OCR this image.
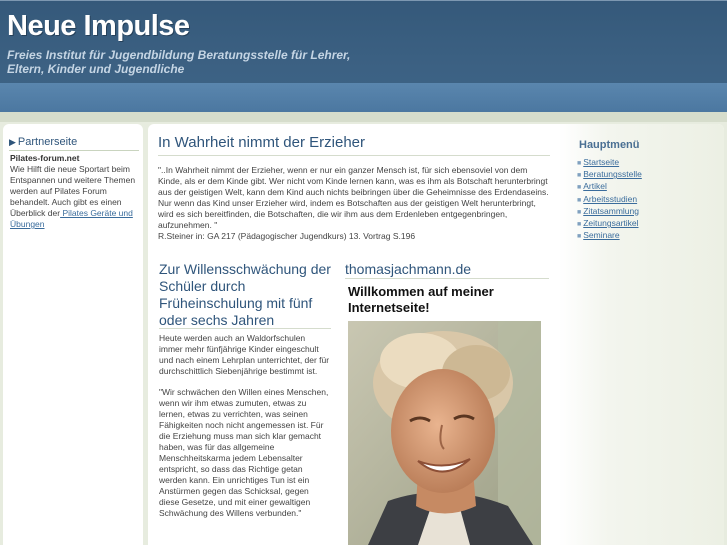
Neue Impulse
Freies Institut für Jugendbildung Beratungsstelle für Lehrer, Eltern, Kinder und Jugendliche
▶ Partnerseite
Pilates-forum.net
Wie Hilft die neue Sportart beim Entspannen und weitere Themen werden auf Pilates Forum behandelt. Auch gibt es einen Überblick der Pilates Geräte und Übungen
In Wahrheit nimmt der Erzieher
"..In Wahrheit nimmt der Erzieher, wenn er nur ein ganzer Mensch ist, für sich ebensoviel von dem Kinde, als er dem Kinde gibt. Wer nicht vom Kinde lernen kann, was es ihm als Botschaft herunterbringt aus der geistigen Welt, kann dem Kind auch nichts beibringen über die Geheimnisse des Erdendaseins. Nur wenn das Kind unser Erzieher wird, indem es Botschaften aus der geistigen Welt herunterbringt, wird es sich bereitfinden, die Botschaften, die wir ihm aus dem Erdenleben entgegenbringen, aufzunehmen. "
R.Steiner in: GA 217 (Pädagogischer Jugendkurs) 13. Vortrag S.196
Zur Willensschwächung der Schüler durch Früheinschulung mit fünf oder sechs Jahren

Heute werden auch an Waldorfschulen immer mehr fünfjährige Kinder eingeschult und nach einem Lehrplan unterrichtet, der für durchschittlich Siebenjährige bestimmt ist.

"Wir schwächen den Willen eines Menschen, wenn wir ihm etwas zumuten, etwas zu lernen, etwas zu verrichten, was seinen Fähigkeiten noch nicht angemessen ist. Für die Erziehung muss man sich klar gemacht haben, was für das allgemeine Menschheitskarma jedem Lebensalter entspricht, so dass das Richtige getan werden kann. Ein unrichtiges Tun ist ein Anstürmen gegen das Schicksal, gegen diese Gesetze, und mit einer gewaltigen Schwächung des Willens verbunden."

thomasjachmann.de
Willkommen auf meiner Internetseite!
Hauptmenü
■ Startseite
■ Beratungsstelle
■ Artikel
■ Arbeitsstudien
■ Zitatsammlung
■ Zeitungsartikel
■ Seminare
